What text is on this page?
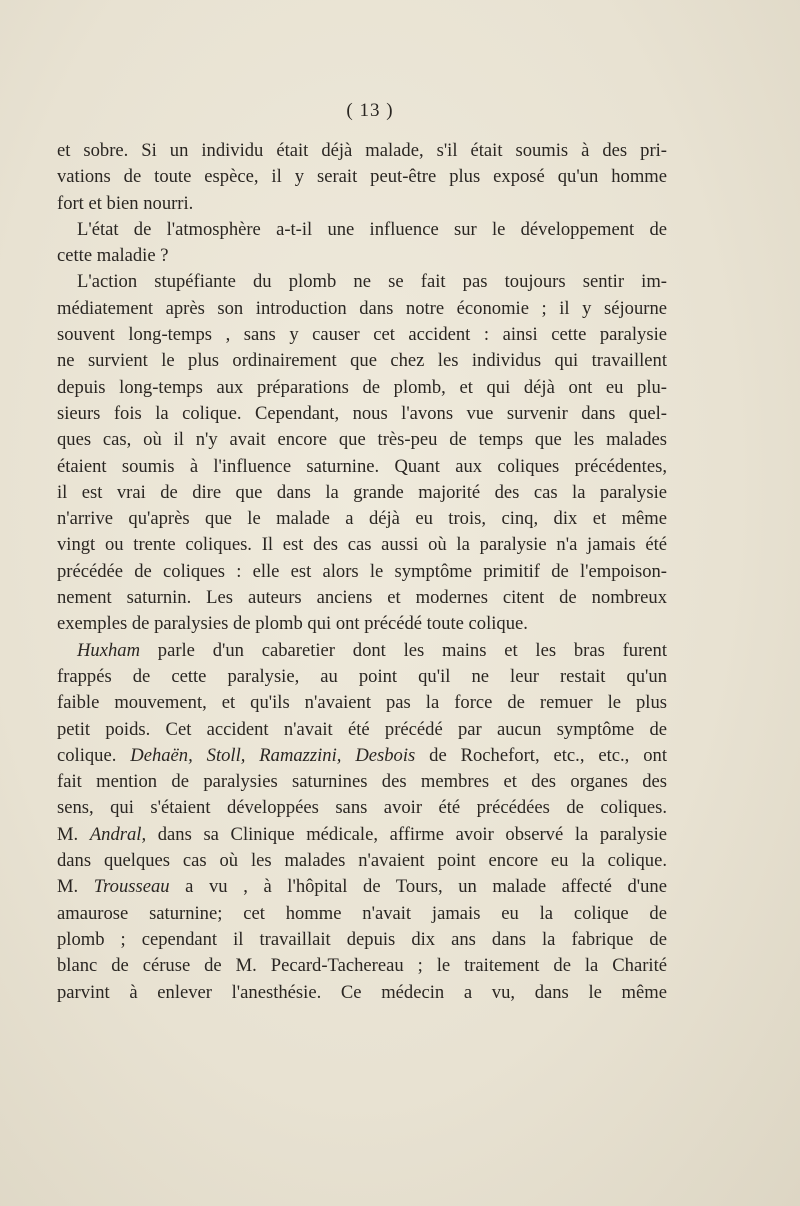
( 13 )
et sobre. Si un individu était déjà malade, s'il était soumis à des pri-
vations de toute espèce, il y serait peut-être plus exposé qu'un homme
fort et bien nourri.
L'état de l'atmosphère a-t-il une influence sur le développement de
cette maladie ?
L'action stupéfiante du plomb ne se fait pas toujours sentir im-
médiatement après son introduction dans notre économie ; il y séjourne
souvent long-temps , sans y causer cet accident : ainsi cette paralysie
ne survient le plus ordinairement que chez les individus qui travaillent
depuis long-temps aux préparations de plomb, et qui déjà ont eu plu-
sieurs fois la colique. Cependant, nous l'avons vue survenir dans quel-
ques cas, où il n'y avait encore que très-peu de temps que les malades
étaient soumis à l'influence saturnine. Quant aux coliques précédentes,
il est vrai de dire que dans la grande majorité des cas la paralysie
n'arrive qu'après que le malade a déjà eu trois, cinq, dix et même
vingt ou trente coliques. Il est des cas aussi où la paralysie n'a jamais été
précédée de coliques : elle est alors le symptôme primitif de l'empoison-
nement saturnin. Les auteurs anciens et modernes citent de nombreux
exemples de paralysies de plomb qui ont précédé toute colique.
Huxham parle d'un cabaretier dont les mains et les bras furent
frappés de cette paralysie, au point qu'il ne leur restait qu'un
faible mouvement, et qu'ils n'avaient pas la force de remuer le plus
petit poids. Cet accident n'avait été précédé par aucun symptôme de
colique. Dehaën, Stoll, Ramazzini, Desbois de Rochefort, etc., etc., ont
fait mention de paralysies saturnines des membres et des organes des
sens, qui s'étaient développées sans avoir été précédées de coliques.
M. Andral, dans sa Clinique médicale, affirme avoir observé la paralysie
dans quelques cas où les malades n'avaient point encore eu la colique.
M. Trousseau a vu , à l'hôpital de Tours, un malade affecté d'une
amaurose saturnine; cet homme n'avait jamais eu la colique de
plomb ; cependant il travaillait depuis dix ans dans la fabrique de
blanc de céruse de M. Pecard-Tachereau ; le traitement de la Charité
parvint à enlever l'anesthésie. Ce médecin a vu, dans le même
